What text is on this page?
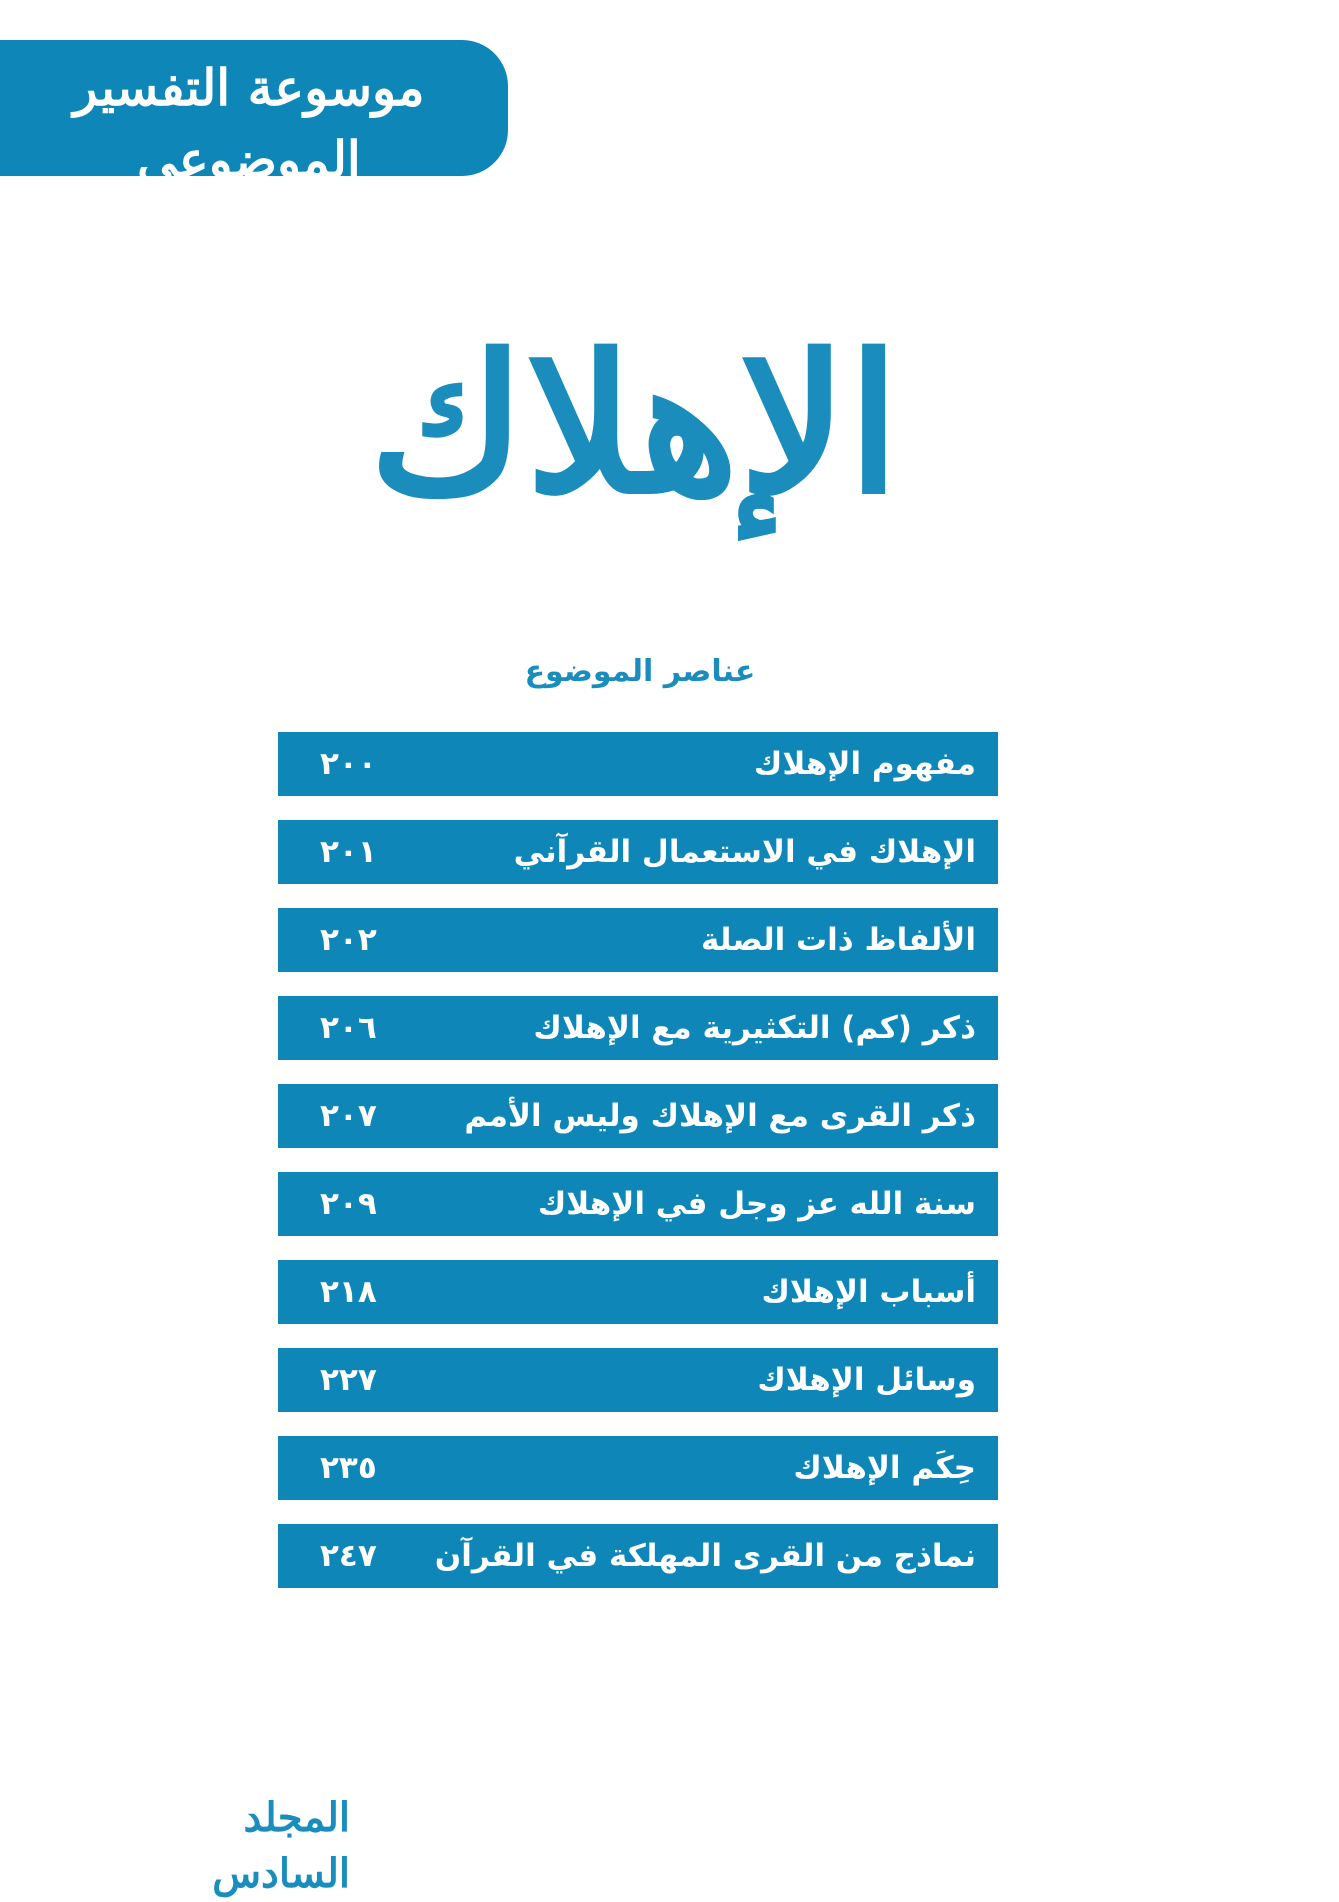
موسوعة التفسير الموضوعي
للقرآن الكريم
الإهلاك
عناصر الموضوع
مفهوم الإهلاك
٢٠٠
الإهلاك في الاستعمال القرآني
٢٠١
الألفاظ ذات الصلة
٢٠٢
ذكر (كم) التكثيرية مع الإهلاك
٢٠٦
ذكر القرى مع الإهلاك وليس الأمم
٢٠٧
سنة الله عز وجل في الإهلاك
٢٠٩
أسباب الإهلاك
٢١٨
وسائل الإهلاك
٢٢٧
حِكَم الإهلاك
٢٣٥
نماذج من القرى المهلكة في القرآن
٢٤٧
المجلد السادس
